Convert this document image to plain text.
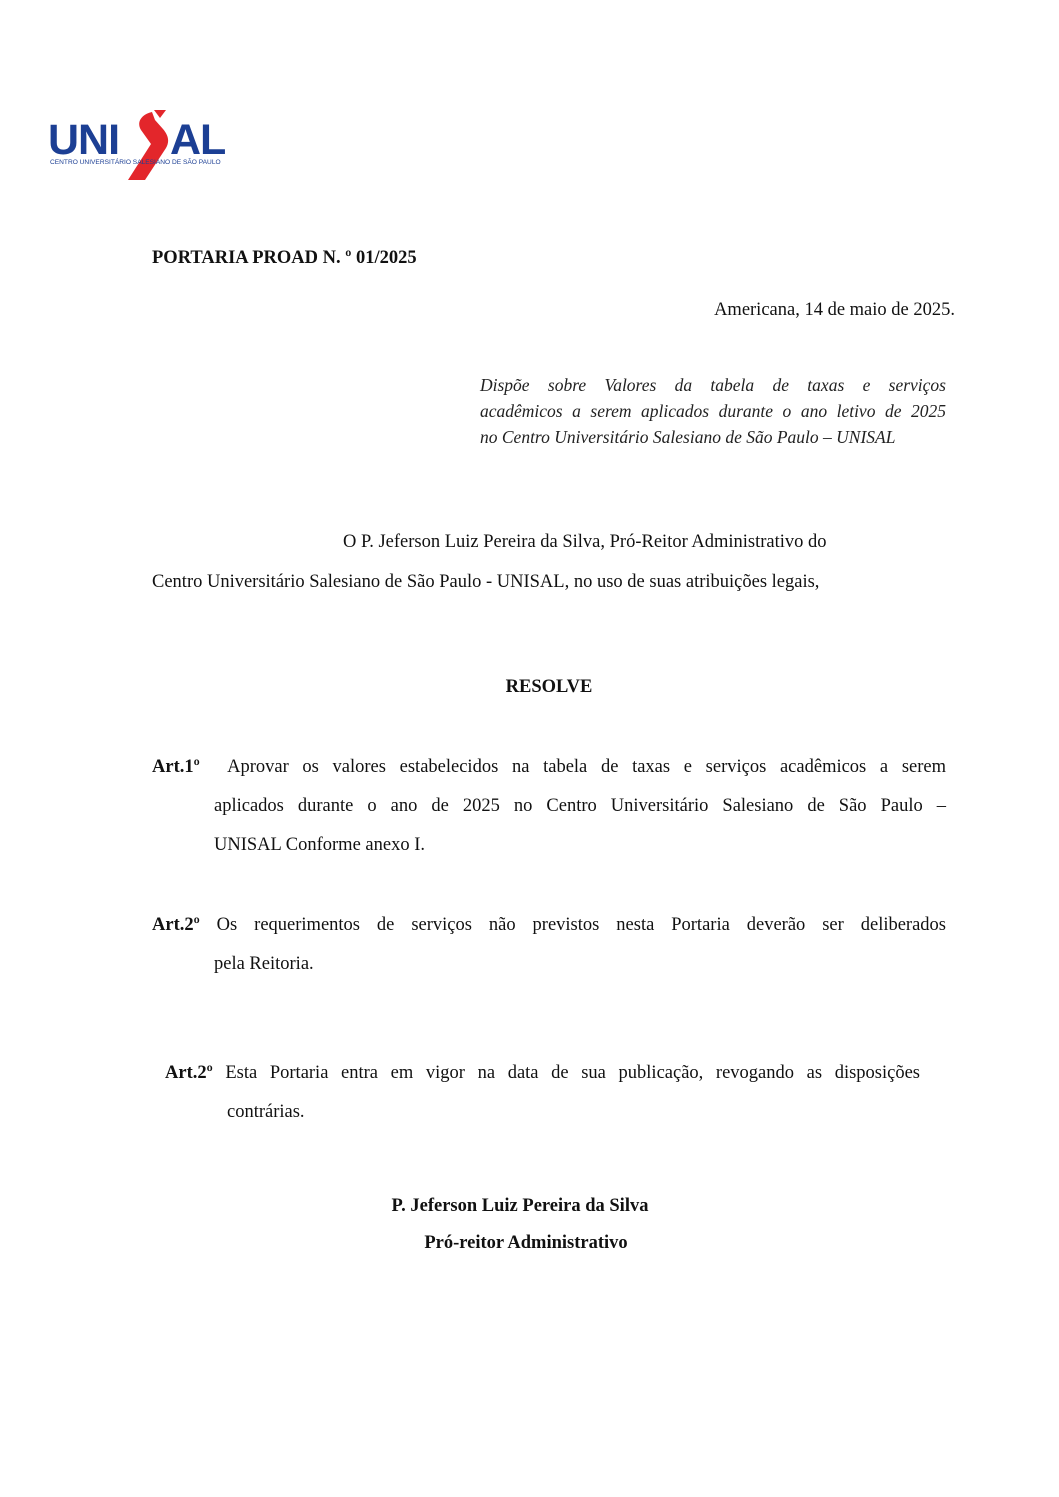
UNI AL
CENTRO UNIVERSITÁRIO SALESIANO DE SÃO PAULO
PORTARIA PROAD N. º 01/2025
Americana, 14 de maio de 2025.

Dispõe sobre Valores da tabela de taxas e serviços

acadêmicos a serem aplicados durante o ano letivo de 2025

no Centro Universitário Salesiano de São Paulo – UNISAL

O P. Jeferson Luiz Pereira da Silva, Pró-Reitor Administrativo do
Centro Universitário Salesiano de São Paulo - UNISAL, no uso de suas atribuições legais,
RESOLVE
Art.1º Aprovar os valores estabelecidos na tabela de taxas e serviços acadêmicos a serem
aplicados durante o ano de 2025 no Centro Universitário Salesiano de São Paulo –
UNISAL Conforme anexo I.
Art.2º Os requerimentos de serviços não previstos nesta Portaria deverão ser deliberados
pela Reitoria.
Art.2º Esta Portaria entra em vigor na data de sua publicação, revogando as disposições
contrárias.
P. Jeferson Luiz Pereira da Silva
Pró-reitor Administrativo
